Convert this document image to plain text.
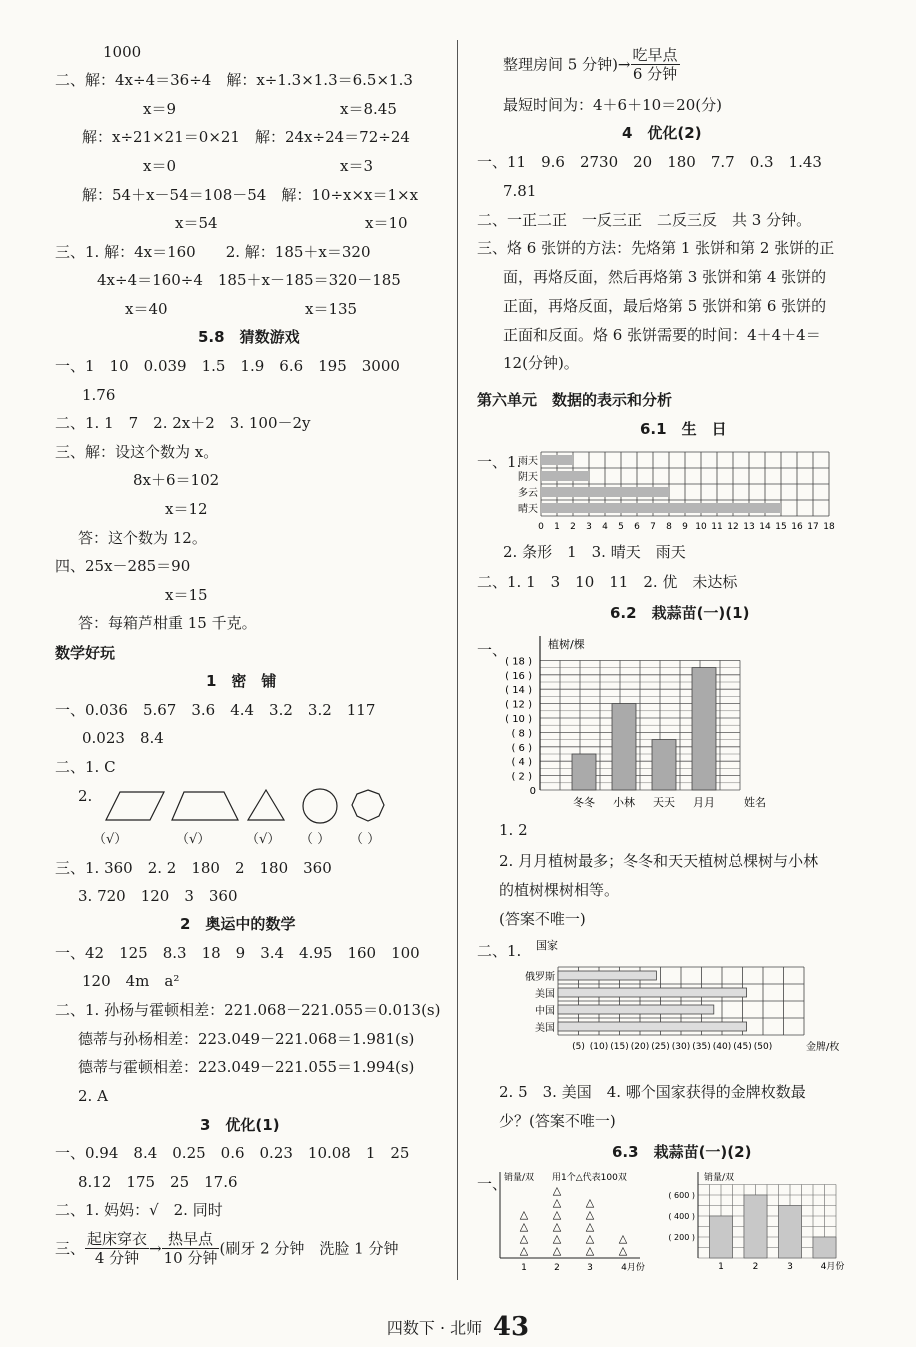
1000
二、解：4x÷4＝36÷4　解：x÷1.3×1.3＝6.5×1.3
x＝9	x＝8.45
解：x÷21×21＝0×21　解：24x÷24＝72÷24
x＝0	x＝3
解：54＋x－54＝108－54　解：10÷x×x＝1×x
x＝54	x＝10
三、1. 解：4x＝160　　2. 解：185＋x＝320
4x÷4＝160÷4　185＋x－185＝320－185
x＝40	x＝135
5.8　猜数游戏
一、1　10　0.039　1.5　1.9　6.6　195　3000
1.76
二、1. 1　7　2. 2x＋2　3. 100－2y
三、解：设这个数为 x。
8x＋6＝102
x＝12
答：这个数为 12。
四、25x－285＝90
x＝15
答：每箱芦柑重 15 千克。
数学好玩
1　密　铺
一、0.036　5.67　3.6　4.4　3.2　3.2　117
0.023　8.4
二、1. C
2.
（√）	（√）	（√） （ ） （ ）
三、1. 360　2. 2　180　2　180　360
3. 720　120　3　360
2　奥运中的数学
一、42　125　8.3　18　9　3.4　4.95　160　100
120　4m　a²
二、1. 孙杨与霍顿相差：221.068－221.055＝0.013(s)
德蒂与孙杨相差：223.049－221.068＝1.981(s)
德蒂与霍顿相差：223.049－221.055＝1.994(s)
2. A
3　优化(1)
一、0.94　8.4　0.25　0.6　0.23　10.08　1　25
8.12　175　25　17.6
二、1. 妈妈：√　2. 同时
三、 $\frac{\text{起床穿衣}}{\text{4 分钟}} \to \frac{\text{热早点}}{\text{10 分钟}}$ (刷牙 2 分钟　洗脸 1 分钟
整理房间 5 分钟)→ $\frac{\text{吃早点}}{\text{6 分钟}}$
最短时间为：4＋6＋10＝20(分)
4　优化(2)
一、11　9.6　2730　20　180　7.7　0.3　1.43
7.81
二、一正二正　一反三正　二反三反　共 3 分钟。
三、烙 6 张饼的方法：先烙第 1 张饼和第 2 张饼的正
面，再烙反面，然后再烙第 3 张饼和第 4 张饼的
正面，再烙反面，最后烙第 5 张饼和第 6 张饼的
正面和反面。烙 6 张饼需要的时间：4＋4＋4＝
12(分钟)。
第六单元　数据的表示和分析
6.1　生　日
一、1.
雨天
阴天
多云
晴天
0 1 2 3 4 5 6 7 8 9 10 11 12 13 14 15 16 17 18
2. 条形　1　3. 晴天　雨天
二、1. 1　3　10　11　2. 优　未达标
6.2　栽蒜苗(一)(1)
一、	植树/棵
( 2 )
( 4 )
( 6 )
( 8 )
( 10 )
( 12 )
( 14 )
( 16 )
( 18 )
0
冬冬 小林 天天 月月	姓名
1. 2
2. 月月植树最多；冬冬和天天植树总棵树与小林
的植树棵树相等。
(答案不唯一)
二、1. 国家
俄罗斯
美国
中国
美国
(5) (10) (15) (20) (25) (30) (35) (40) (45) (50)	金牌/枚
2. 5　3. 美国　4. 哪个国家获得的金牌枚数最
少？(答案不唯一)
6.3　栽蒜苗(一)(2)
一、
销量/双 用1个△代表100双
△
△
△
△
1
△
△
△
△
△
△
2
△
△
△
△
△
3
△
△
4月份
销量/双
( 200 )
( 400 )
( 600 )
1	2	3	4月份
四数下 · 北师 43
